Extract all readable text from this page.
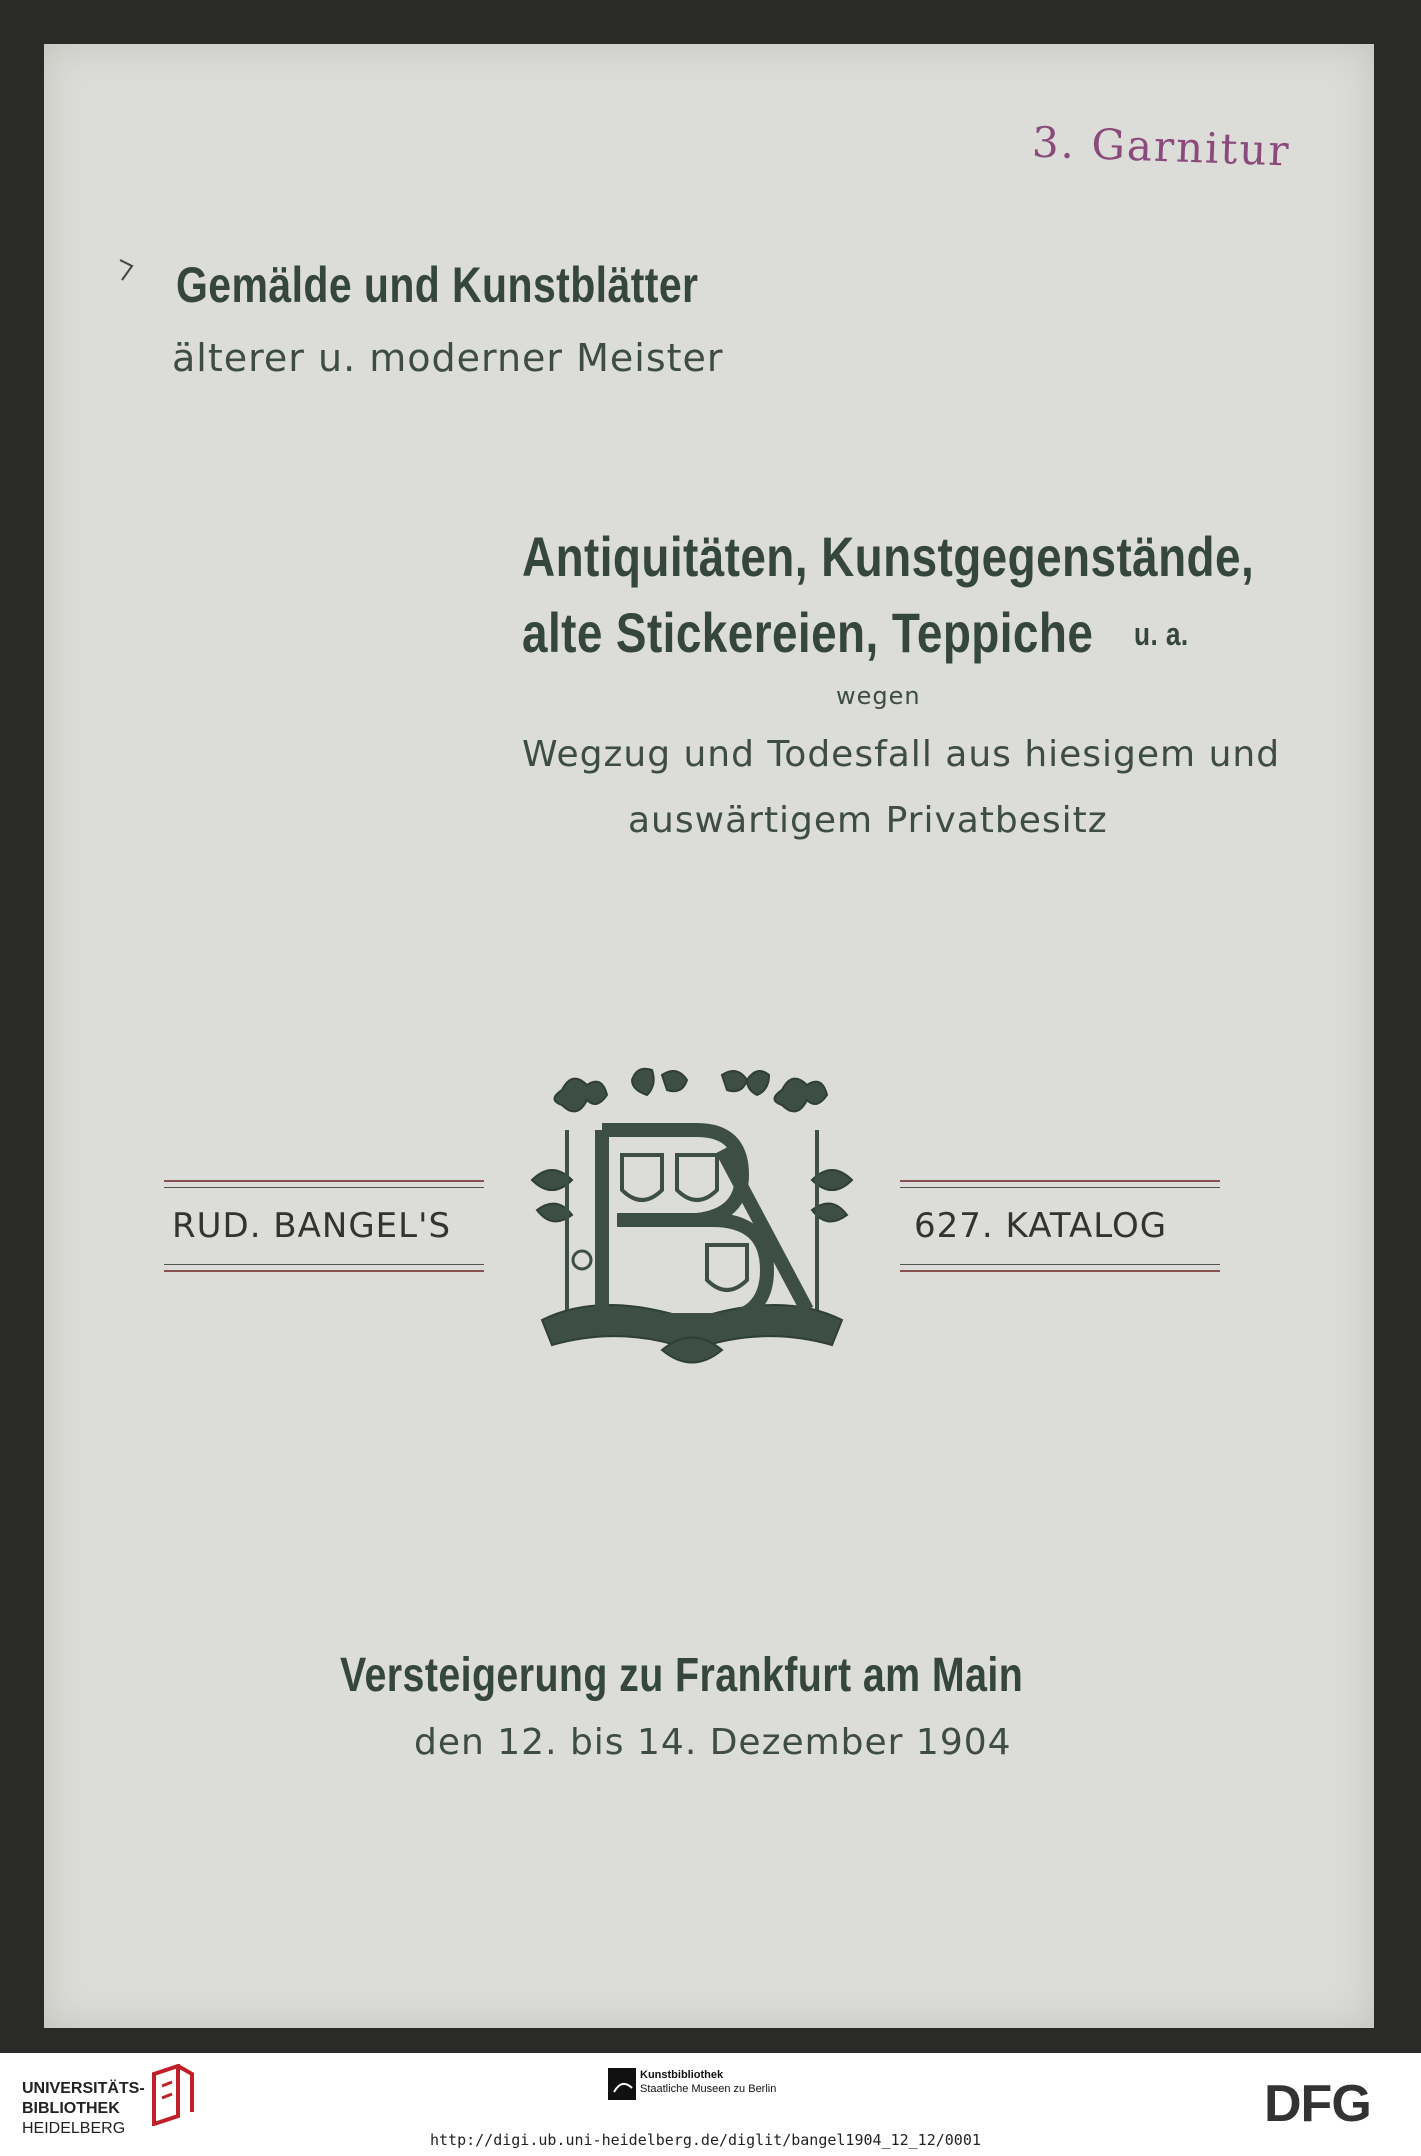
3. Garnitur
Gemälde und Kunstblätter
älterer u. moderner Meister
Antiquitäten, Kunstgegenstände,
alte Stickereien, Teppiche u. a.
wegen
Wegzug und Todesfall aus hiesigem und
auswärtigem Privatbesitz
RUD. BANGEL'S	627. KATALOG
Versteigerung zu Frankfurt am Main
den 12. bis 14. Dezember 1904
UNIVERSITÄTS-
BIBLIOTHEK
HEIDELBERG
Kunstbibliothek
Staatliche Museen zu Berlin	DFG
http://digi.ub.uni-heidelberg.de/diglit/bangel1904_12_12/0001
